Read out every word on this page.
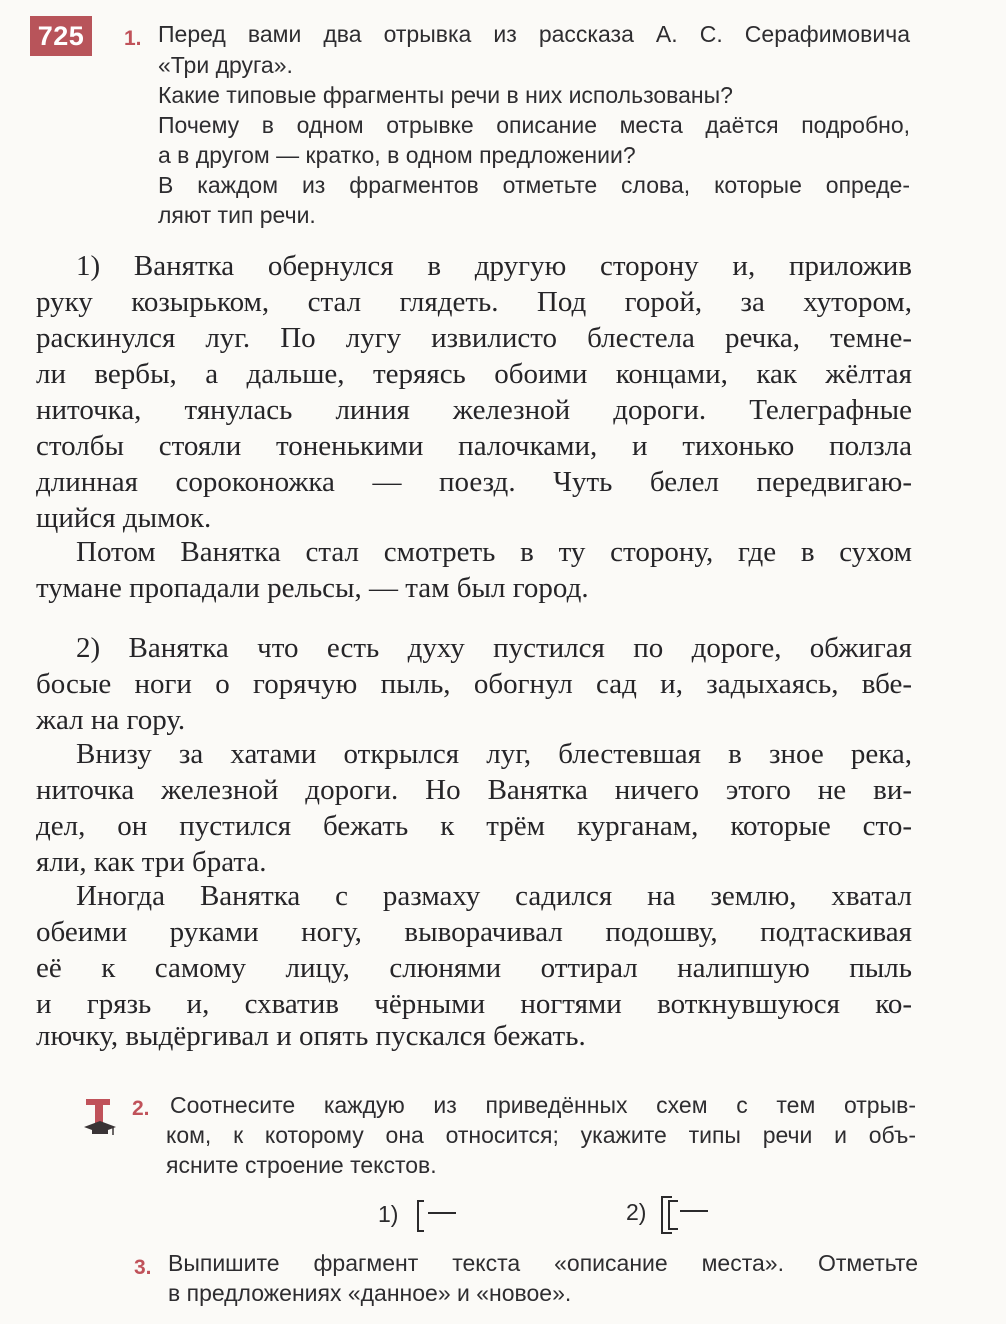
725	1. Перед вами два отрывка из рассказа А. С. Серафимовича
«Три друга».
Какие типовые фрагменты речи в них использованы?
Почему в одном отрывке описание места даётся подробно,
а в другом — кратко, в одном предложении?
В каждом из фрагментов отметьте слова, которые опреде-
ляют тип речи.
1) Ванятка обернулся в другую сторону и, приложив
руку козырьком, стал глядеть. Под горой, за хутором,
раскинулся луг. По лугу извилисто блестела речка, темне-
ли вербы, а дальше, теряясь обоими концами, как жёлтая
ниточка, тянулась линия железной дороги. Телеграфные
столбы стояли тоненькими палочками, и тихонько ползла
длинная сороконожка — поезд. Чуть белел передвигаю-
щийся дымок.
Потом Ванятка стал смотреть в ту сторону, где в сухом
тумане пропадали рельсы, — там был город.
2) Ванятка что есть духу пустился по дороге, обжигая
босые ноги о горячую пыль, обогнул сад и, задыхаясь, вбе-
жал на гору.
Внизу за хатами открылся луг, блестевшая в зное река,
ниточка железной дороги. Но Ванятка ничего этого не ви-
дел, он пустился бежать к трём курганам, которые сто-
яли, как три брата.
Иногда Ванятка с размаху садился на землю, хватал
обеими руками ногу, выворачивал подошву, подтаскивая
её к самому лицу, слюнями оттирал налипшую пыль
и грязь и, схватив чёрными ногтями воткнувшуюся ко-
лючку, выдёргивал и опять пускался бежать.
2. Соотнесите каждую из приведённых схем с тем отрыв-
ком, к которому она относится; укажите типы речи и объ-
ясните строение текстов.
1)	2)
3. Выпишите фрагмент текста «описание места». Отметьте
в предложениях «данное» и «новое».
